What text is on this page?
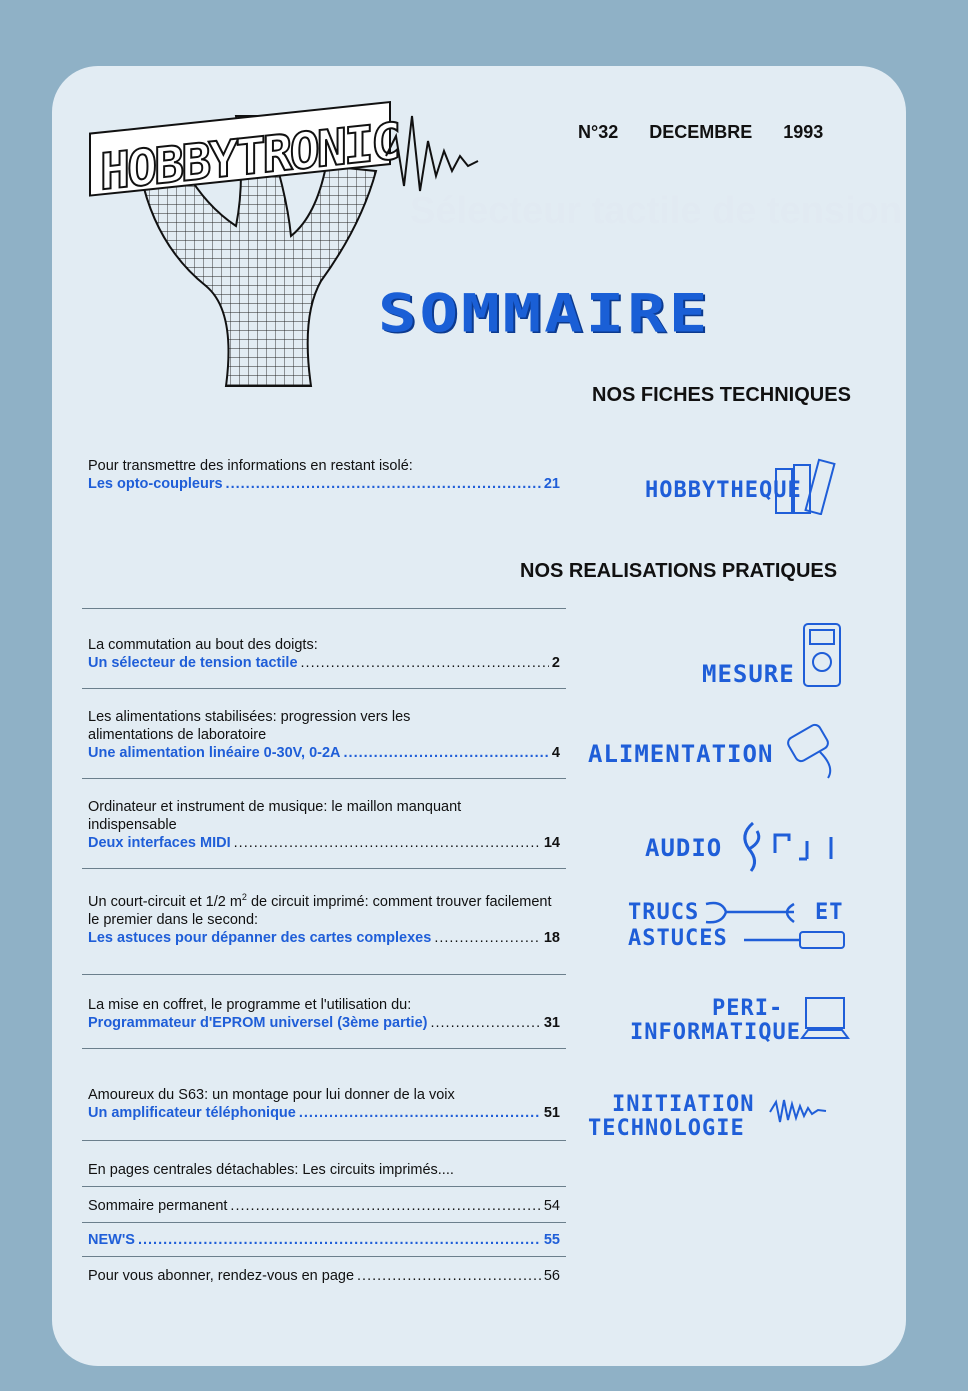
HOBBYTRONIC	N°32 DECEMBRE 1993
SOMMAIRE
NOS FICHES TECHNIQUES
NOS REALISATIONS PRATIQUES
Pour transmettre des informations en restant isolé:
Les opto-coupleurs .....	21
La commutation au bout des doigts:
Un sélecteur de tension tactile .....	2
Les alimentations stabilisées: progression vers les alimentations de laboratoire
Une alimentation linéaire 0-30V, 0-2A .....	4
Ordinateur et instrument de musique: le maillon manquant indispensable
Deux interfaces MIDI .....	14
Un court-circuit et 1/2 $m^2$ de circuit imprimé: comment trouver facilement le premier dans le second:
Les astuces pour dépanner des cartes complexes .....	18
La mise en coffret, le programme et l'utilisation du:
Programmateur d'EPROM universel (3ème partie) .....	31
Amoureux du S63: un montage pour lui donner de la voix
Un amplificateur téléphonique .....	51
En pages centrales détachables: Les circuits imprimés....
Sommaire permanent .....	54
NEW'S .....	55
Pour vous abonner, rendez-vous en page .....	56
HOBBYTHEQUE
MESURE
ALIMENTATION
AUDIO
TRUCS	ET
ASTUCES
PERI-
INFORMATIQUE
INITIATION
TECHNOLOGIE
